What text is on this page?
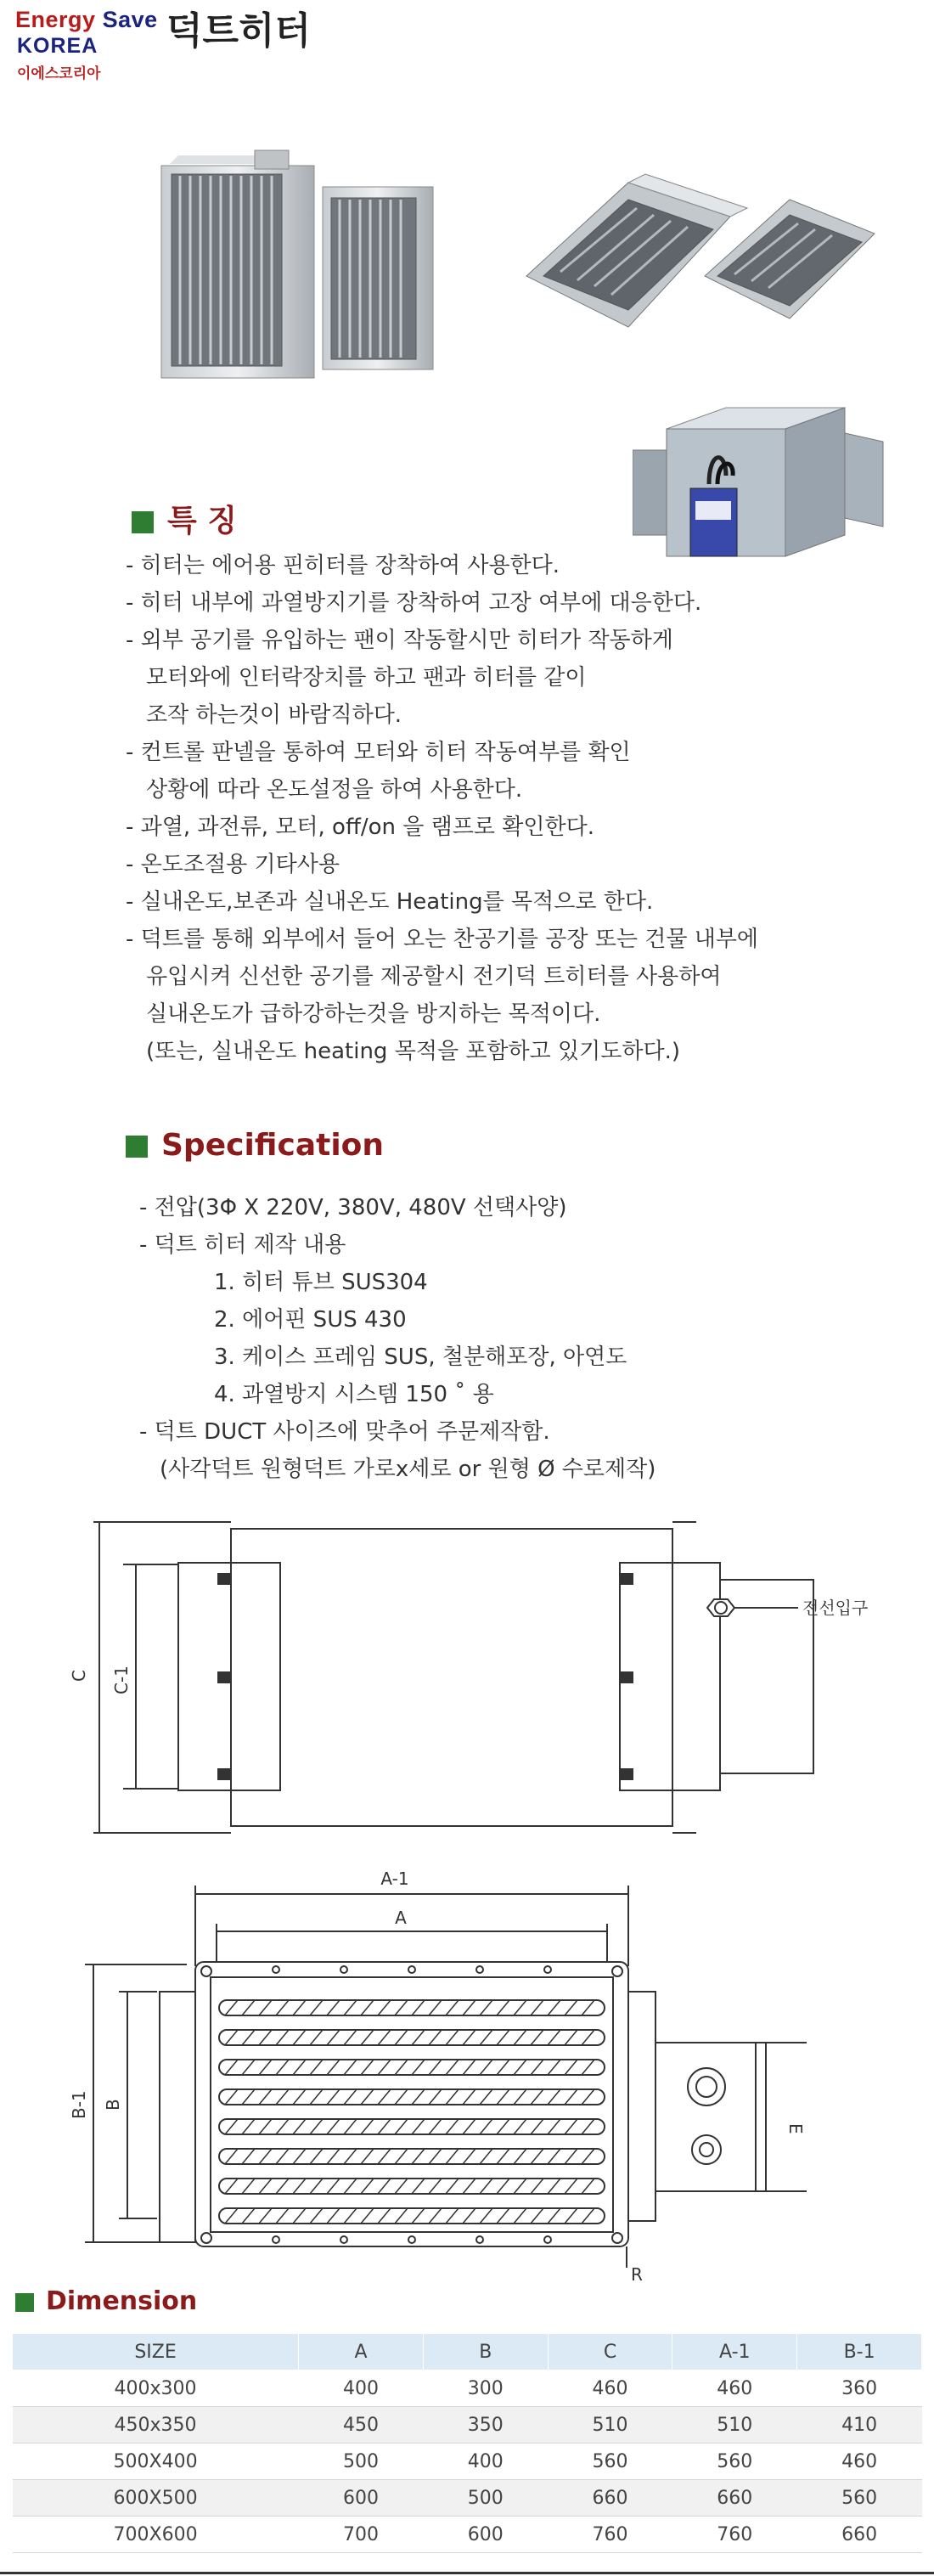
Energy Save
KOREA
이에스코리아
덕트히터
특 징
- 히터는 에어용 핀히터를 장착하여 사용한다.
- 히터 내부에 과열방지기를 장착하여 고장 여부에 대응한다.
- 외부 공기를 유입하는 팬이 작동할시만 히터가 작동하게
모터와에 인터락장치를 하고 팬과 히터를 같이
조작 하는것이 바람직하다.
- 컨트롤 판넬을 통하여 모터와 히터 작동여부를 확인
상황에 따라 온도설정을 하여 사용한다.
- 과열, 과전류, 모터, off/on 을 램프로 확인한다.
- 온도조절용 기타사용
- 실내온도,보존과 실내온도 Heating를 목적으로 한다.
- 덕트를 통해 외부에서 들어 오는 찬공기를 공장 또는 건물 내부에
유입시켜 신선한 공기를 제공할시 전기덕 트히터를 사용하여
실내온도가 급하강하는것을 방지하는 목적이다.
(또는, 실내온도 heating 목적을 포함하고 있기도하다.)
Specification
- 전압(3Φ X 220V, 380V, 480V 선택사양)
- 덕트 히터 제작 내용
1. 히터 튜브 SUS304
2. 에어핀 SUS 430
3. 케이스 프레임 SUS, 철분해포장, 아연도
4. 과열방지 시스템 150 ˚ 용
- 덕트 DUCT 사이즈에 맞추어 주문제작함.
(사각덕트 원형덕트 가로x세로 or 원형 Ø 수로제작)
C C-1
전선입구
A-1
A
B-1 B
E
R
Dimension
SIZE	A	B	C	A-1	B-1
400x300	400	300	460	460	360
450x350	450	350	510	510	410
500X400	500	400	560	560	460
600X500	600	500	660	660	560
700X600	700	600	760	760	660
